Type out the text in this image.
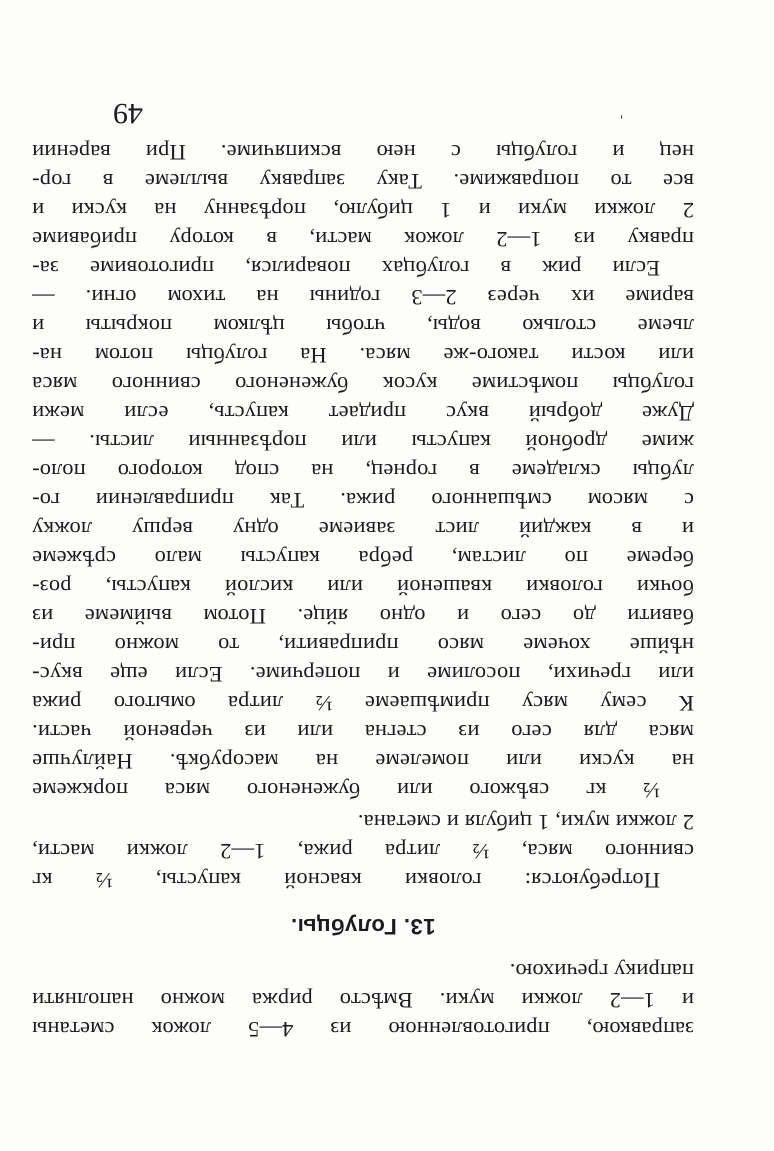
заправкою, приготовленною из 4—5 ложок сметаны
и 1—2 ложки муки. Вмѣсто риржа можно наполняти
паприку гречихою.
13. Голубцы.
Потребуются: головки квасной капусты, ½ кг
свинного мяса, ½ литра рижа, 1—2 ложки масти,
2 ложки муки, 1 цибуля и сметана.
½ кг свѣжого или бужененого мяса поркжеме
на куски или помелеме на масорубкѣ. Найлучше
мяса для сего из стегна или из червеной части.
К сему мясу примѣшаеме ½ литра омытого рижа
или гречихи, посолиме и поперчиме. Если еще вкус-
нѣйше хочеме мясо приправити, то можно при-
бавити до сего и одно яйце. Потом выймеме из
бочки головки квашеной или кислой капусты, роз-
береме по листам, ребра капусты мало срѣжеме
и в каждий лист завиеме одну вершу ложку
с мясом смѣшанного рижа. Так приправлении го-
лубцы складеме в горнец, на спод которого поло-
жиме дробной капусты или порѣзанныи листы. —
Дуже добрый вкус придает капусть, если межи
голубцы помѣстиме кусок бужененого свинного мяса
или кости такого-же мяса. На голубцы потом на-
льеме столько воды, чтобы цѣлком покрыты и
вариме их через 2—3 годины на тихом огни. —
Если риж в голубцах поварился, приготовиме за-
правку из 1—2 ложок масти, в котору прибавиме
2 ложки муки и 1 цибулю, порѣзанну на куски и
все то поправжиме. Таку заправку выллеме в гор-
нец и голубцы с нею вскипячиме. При варении
49	'
